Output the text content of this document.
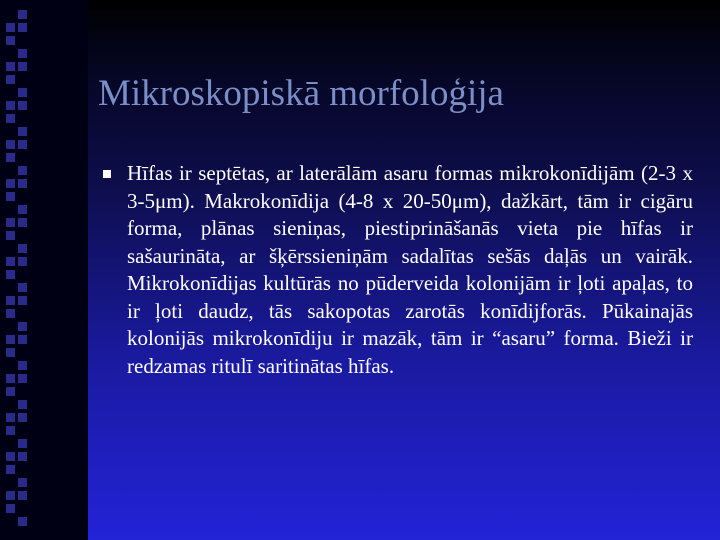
Mikroskopiskā morfoloģija

Hīfas ir septētas, ar laterālām asaru formas mikrokonīdijām (2-3 x 3-5μm). Makrokonīdija (4-8 x 20-50μm), dažkārt, tām ir cigāru forma, plānas sieniņas, piestiprināšanās vieta pie hīfas ir sašaurināta, ar šķērssieniņām sadalītas sešās daļās un vairāk. Mikrokonīdijas kultūrās no pūderveida kolonijām ir ļoti apaļas, to ir ļoti daudz, tās sakopotas zarotās konīdijforās. Pūkainajās kolonijās mikrokonīdiju ir mazāk, tām ir “asaru” forma. Bieži ir redzamas ritulī saritinātas hīfas.
